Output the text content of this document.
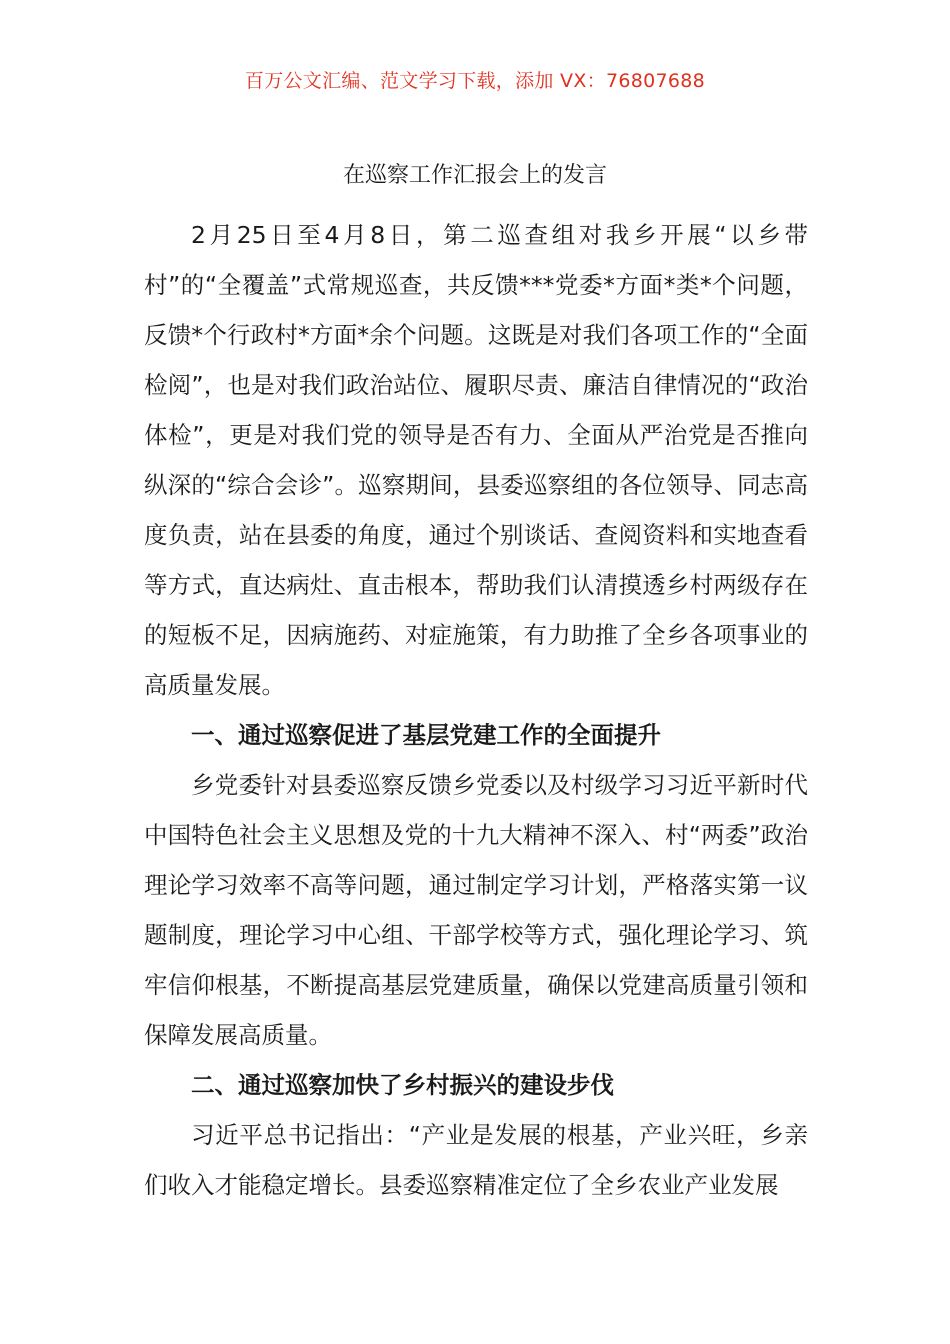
百万公文汇编、范文学习下载，添加 VX：76807688
在巡察工作汇报会上的发言

2月25日至4月8日，第二巡查组对我乡开展“以乡带村”的“全覆盖”式常规巡查，共反馈***党委*方面*类*个问题，反馈*个行政村*方面*余个问题。这既是对我们各项工作的“全面检阅”，也是对我们政治站位、履职尽责、廉洁自律情况的“政治体检”，更是对我们党的领导是否有力、全面从严治党是否推向纵深的“综合会诊”。巡察期间，县委巡察组的各位领导、同志高度负责，站在县委的角度，通过个别谈话、查阅资料和实地查看等方式，直达病灶、直击根本，帮助我们认清摸透乡村两级存在的短板不足，因病施药、对症施策，有力助推了全乡各项事业的高质量发展。

一、通过巡察促进了基层党建工作的全面提升

乡党委针对县委巡察反馈乡党委以及村级学习习近平新时代中国特色社会主义思想及党的十九大精神不深入、村“两委”政治理论学习效率不高等问题，通过制定学习计划，严格落实第一议题制度，理论学习中心组、干部学校等方式，强化理论学习、筑牢信仰根基，不断提高基层党建质量，确保以党建高质量引领和保障发展高质量。

二、通过巡察加快了乡村振兴的建设步伐

习近平总书记指出：“产业是发展的根基，产业兴旺，乡亲们收入才能稳定增长。县委巡察精准定位了全乡农业产业发展
